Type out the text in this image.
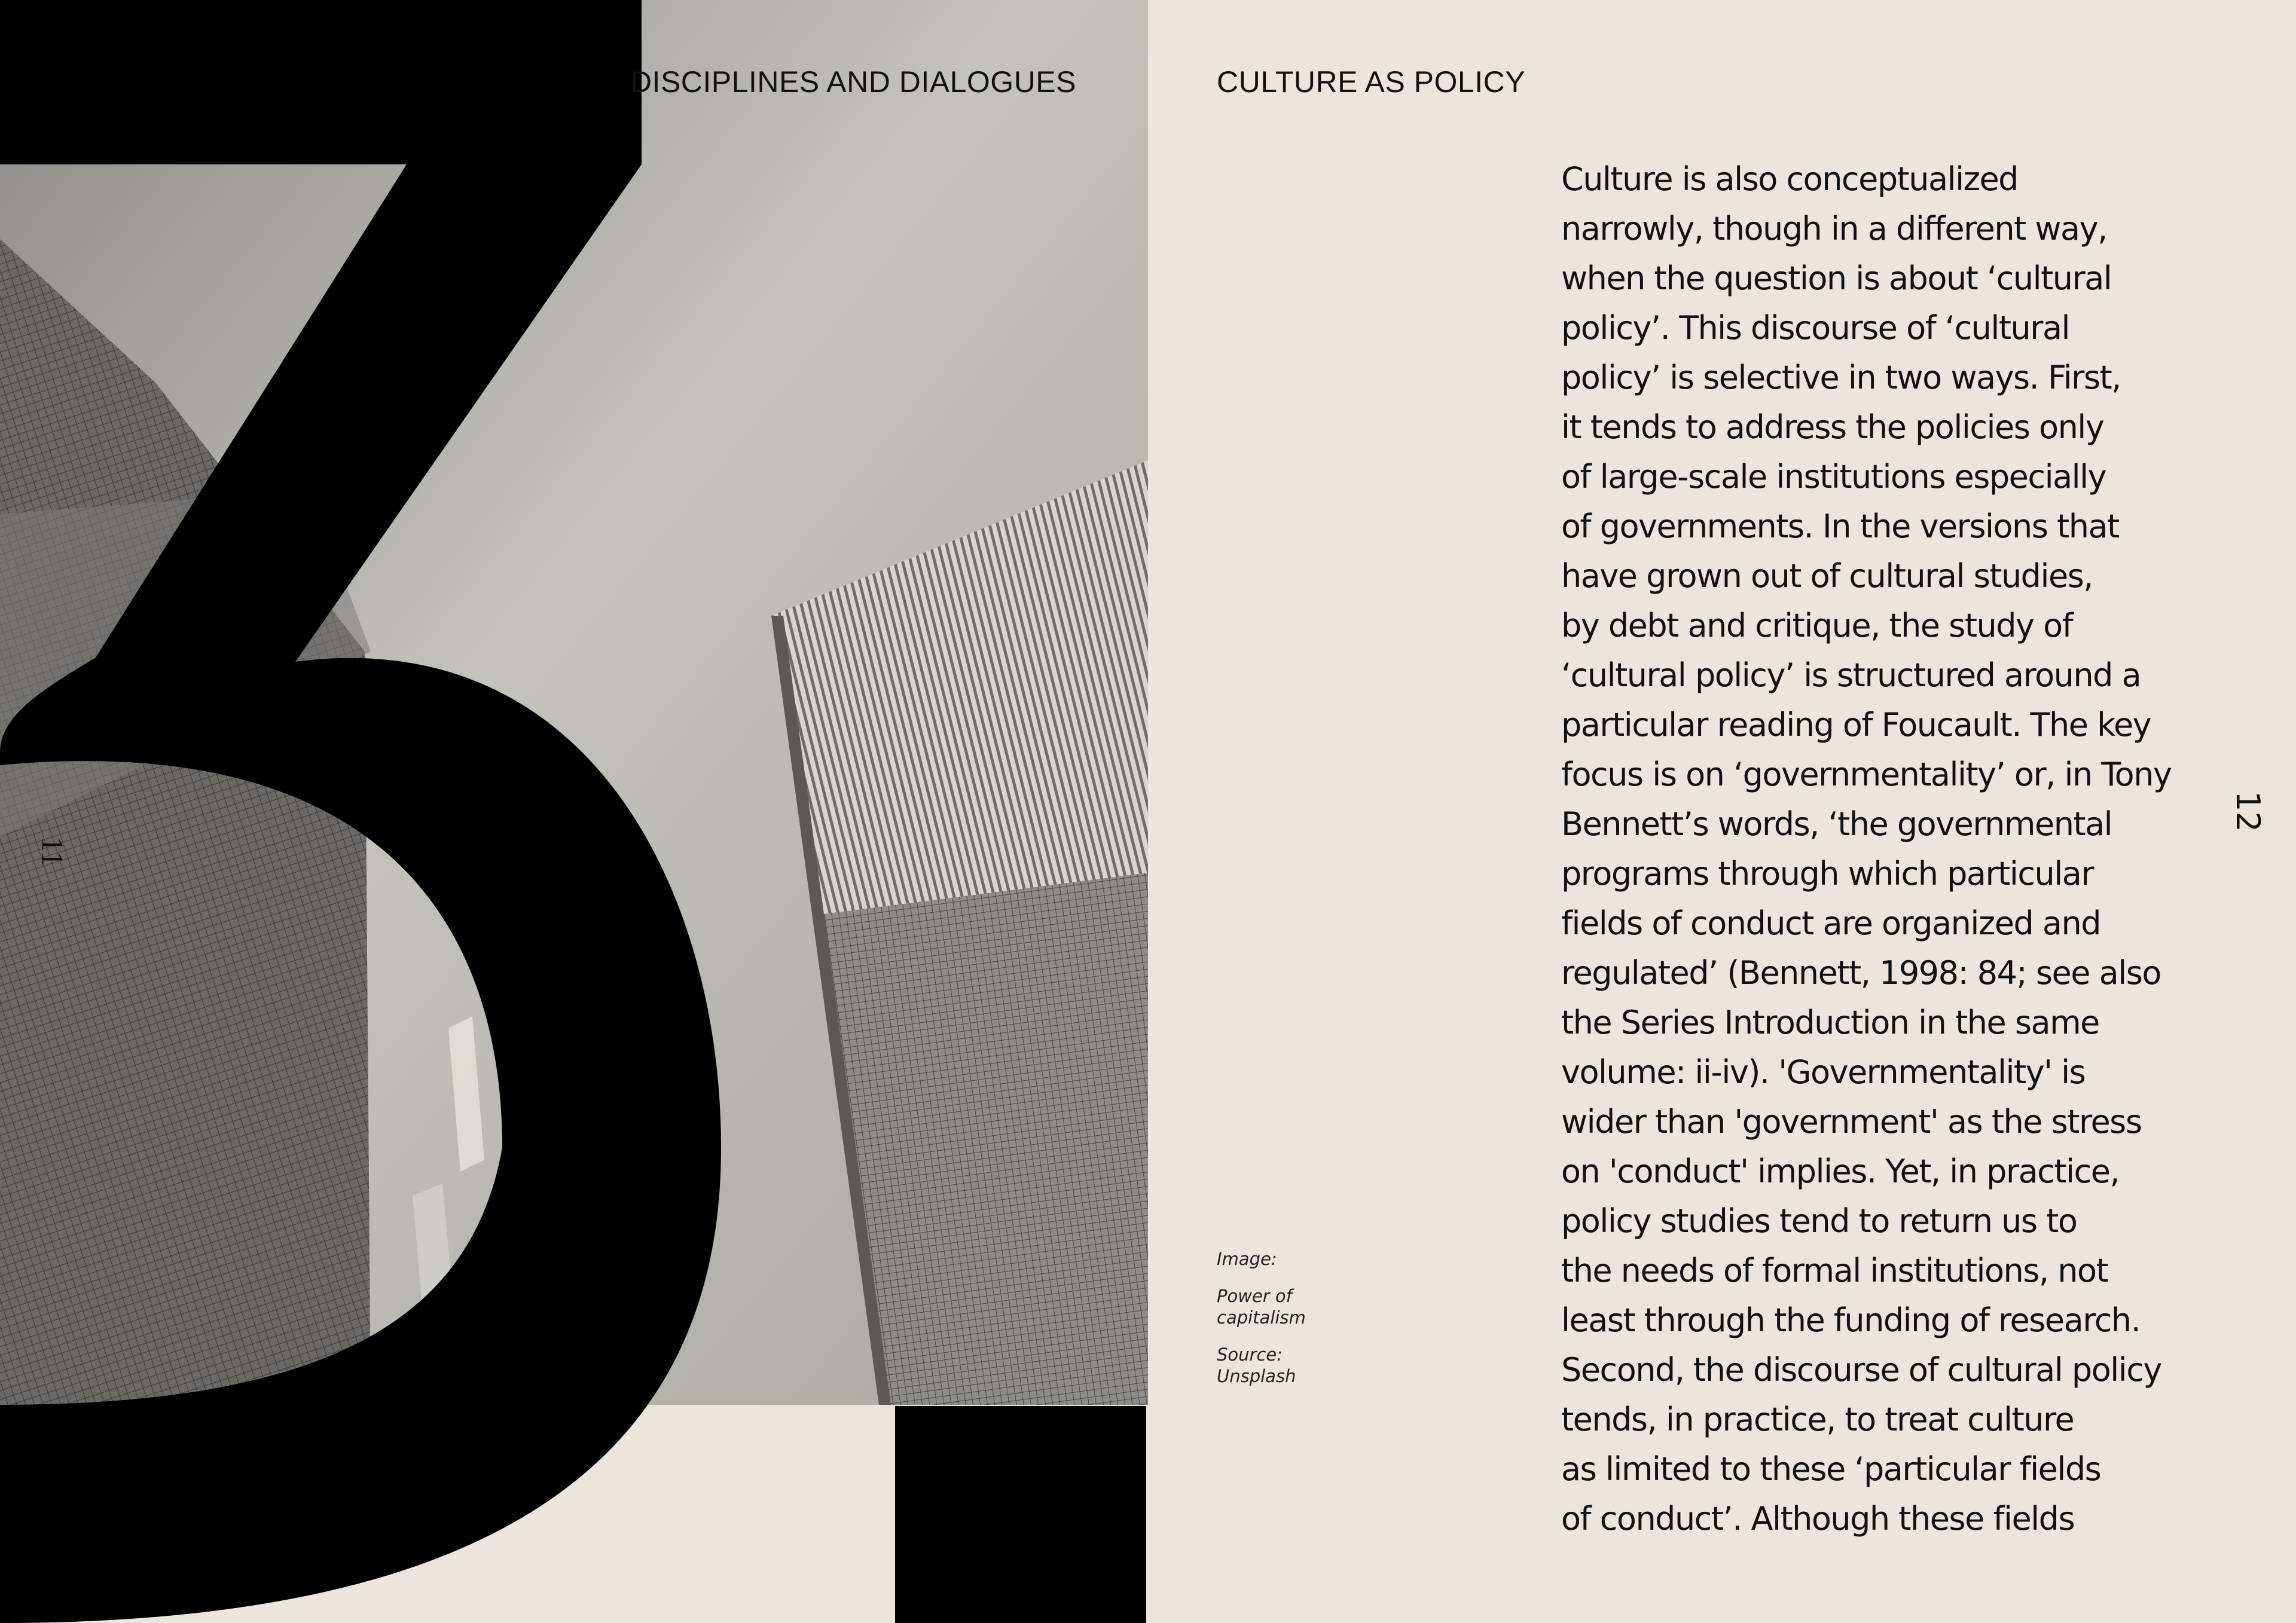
DISCIPLINES AND DIALOGUES
11
CULTURE AS POLICY
Culture is also conceptualized
narrowly, though in a different way,
when the question is about ‘cultural
policy’. This discourse of ‘cultural
policy’ is selective in two ways. First,
it tends to address the policies only
of large-scale institutions especially
of governments. In the versions that
have grown out of cultural studies,
by debt and critique, the study of
‘cultural policy’ is structured around a
particular reading of Foucault. The key
focus is on ‘governmentality’ or, in Tony
Bennett’s words, ‘the governmental
programs through which particular
fields of conduct are organized and
regulated’ (Bennett, 1998: 84; see also
the Series Introduction in the same
volume: ii-iv). 'Governmentality' is
wider than 'government' as the stress
on 'conduct' implies. Yet, in practice,
policy studies tend to return us to
the needs of formal institutions, not
least through the funding of research.
Second, the discourse of cultural policy
tends, in practice, to treat culture
as limited to these ‘particular fields
of conduct’. Although these fields
Image:
Power of
capitalism
Source:
Unsplash
12
